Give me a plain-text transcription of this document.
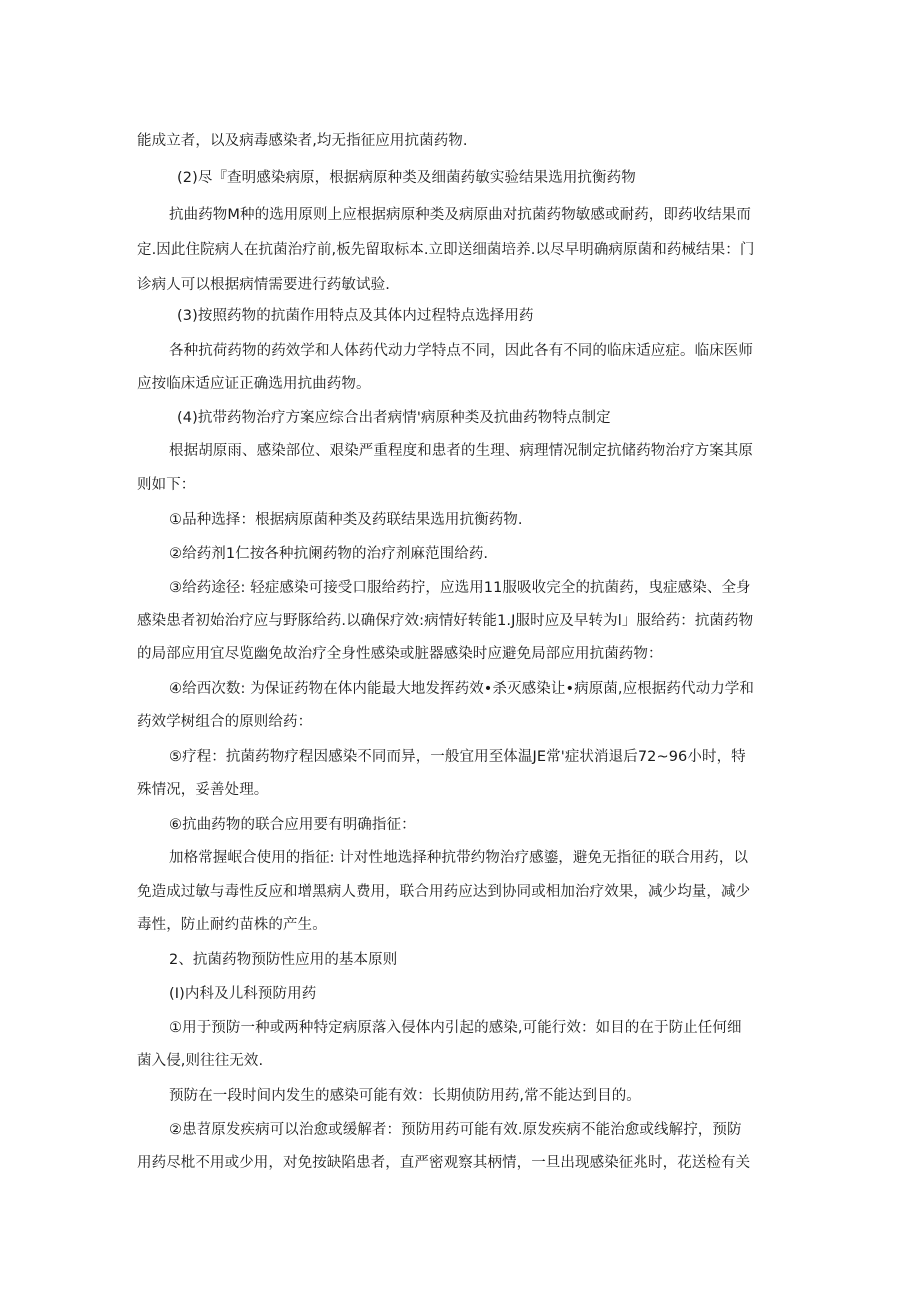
能成立者，以及病毒感染者,均无指征应用抗菌药物.
(2)尽『查明感染病原，根据病原种类及细菌药敏实验结果选用抗衡药物
抗曲药物M种的选用原则上应根据病原种类及病原曲对抗菌药物敏感或耐药，即药收结果而
定.因此住院病人在抗菌治疗前,板先留取标本.立即送细菌培养.以尽早明确病原菌和药械结果：门
诊病人可以根据病情需要进行药敏试验.
(3)按照药物的抗菌作用特点及其体内过程特点选择用药
各种抗荷药物的药效学和人体药代动力学特点不同，因此各有不同的临床适应症。临床医师
应按临床适应证正确选用抗曲药物。
(4)抗带药物治疗方案应综合出者病情'病原种类及抗曲药物特点制定
根据胡原雨、感染部位、艰染严重程度和患者的生理、病理情况制定抗储药物治疗方案其原
则如下：
①品种选择：根据病原菌种类及药联结果选用抗衡药物.
②给药剂1仁按各种抗阑药物的治疗剂麻范围给药.
③给药途径: 轻症感染可接受口服给药拧，应选用11服吸收完全的抗菌药，曳症感染、全身
感染患者初始治疗应与野豚给药.以确保疗效:病情好转能1.J服时应及早转为l」服给药：抗菌药物
的局部应用宜尽览幽免故治疗全身性感染或脏器感染时应避免局部应用抗菌药物：
④给西次数: 为保证药物在体内能最大地发挥药效•杀灭感染让•病原菌,应根据药代动力学和
药效学树组合的原则给药：
⑤疗程：抗菌药物疗程因感染不同而异，一般宜用至体温JE常'症状消退后72~96小时，特
殊情况，妥善处理。
⑥抗曲药物的联合应用要有明确指征：
加格常握岷合使用的指征: 计对性地选择种抗带约物治疗感鎏，避免无指征的联合用药，以
免造成过敏与毒性反应和增黑病人费用，联合用药应达到协同或相加治疗效果，减少均量，减少
毒性，防止耐约苗株的产生。
2、抗菌药物预防性应用的基本原则
(I)内科及儿科预防用药
①用于预防一种或两种特定病原落入侵体内引起的感染,可能行效：如目的在于防止任何细
菌入侵,则往往无效.
预防在一段时间内发生的感染可能有效：长期侦防用药,常不能达到目的。
②患苕原发疾病可以治愈或缓解者：预防用药可能有效.原发疾病不能治愈或线解拧，预防
用药尽枇不用或少用，对免按缺陷患者，直严密观察其柄情，一旦出现感染征兆时，花送检有关
